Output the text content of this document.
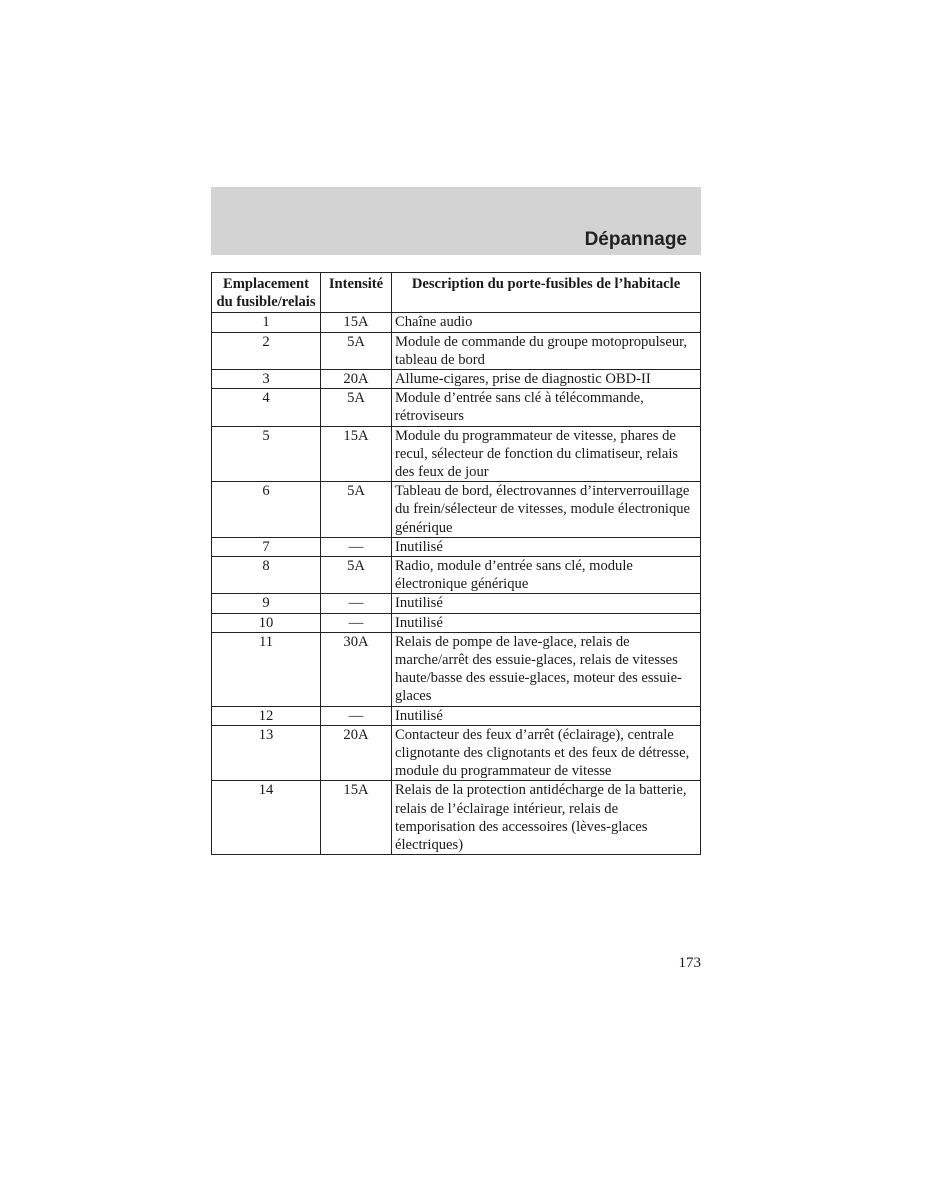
Dépannage
Emplacement du fusible/relais	Intensité	Description du porte-fusibles de l’habitacle
1	15A	Chaîne audio
2	5A	Module de commande du groupe motopropulseur, tableau de bord
3	20A	Allume-cigares, prise de diagnostic OBD-II
4	5A	Module d’entrée sans clé à télécommande, rétroviseurs
5	15A	Module du programmateur de vitesse, phares de recul, sélecteur de fonction du climatiseur, relais des feux de jour
6	5A	Tableau de bord, électrovannes d’interverrouillage du frein/sélecteur de vitesses, module électronique générique
7	—	Inutilisé
8	5A	Radio, module d’entrée sans clé, module électronique générique
9	—	Inutilisé
10	—	Inutilisé
11	30A	Relais de pompe de lave-glace, relais de marche/arrêt des essuie-glaces, relais de vitesses haute/basse des essuie-glaces, moteur des essuie-glaces
12	—	Inutilisé
13	20A	Contacteur des feux d’arrêt (éclairage), centrale clignotante des clignotants et des feux de détresse, module du programmateur de vitesse
14	15A	Relais de la protection antidécharge de la batterie, relais de l’éclairage intérieur, relais de temporisation des accessoires (lèves-glaces électriques)

173
